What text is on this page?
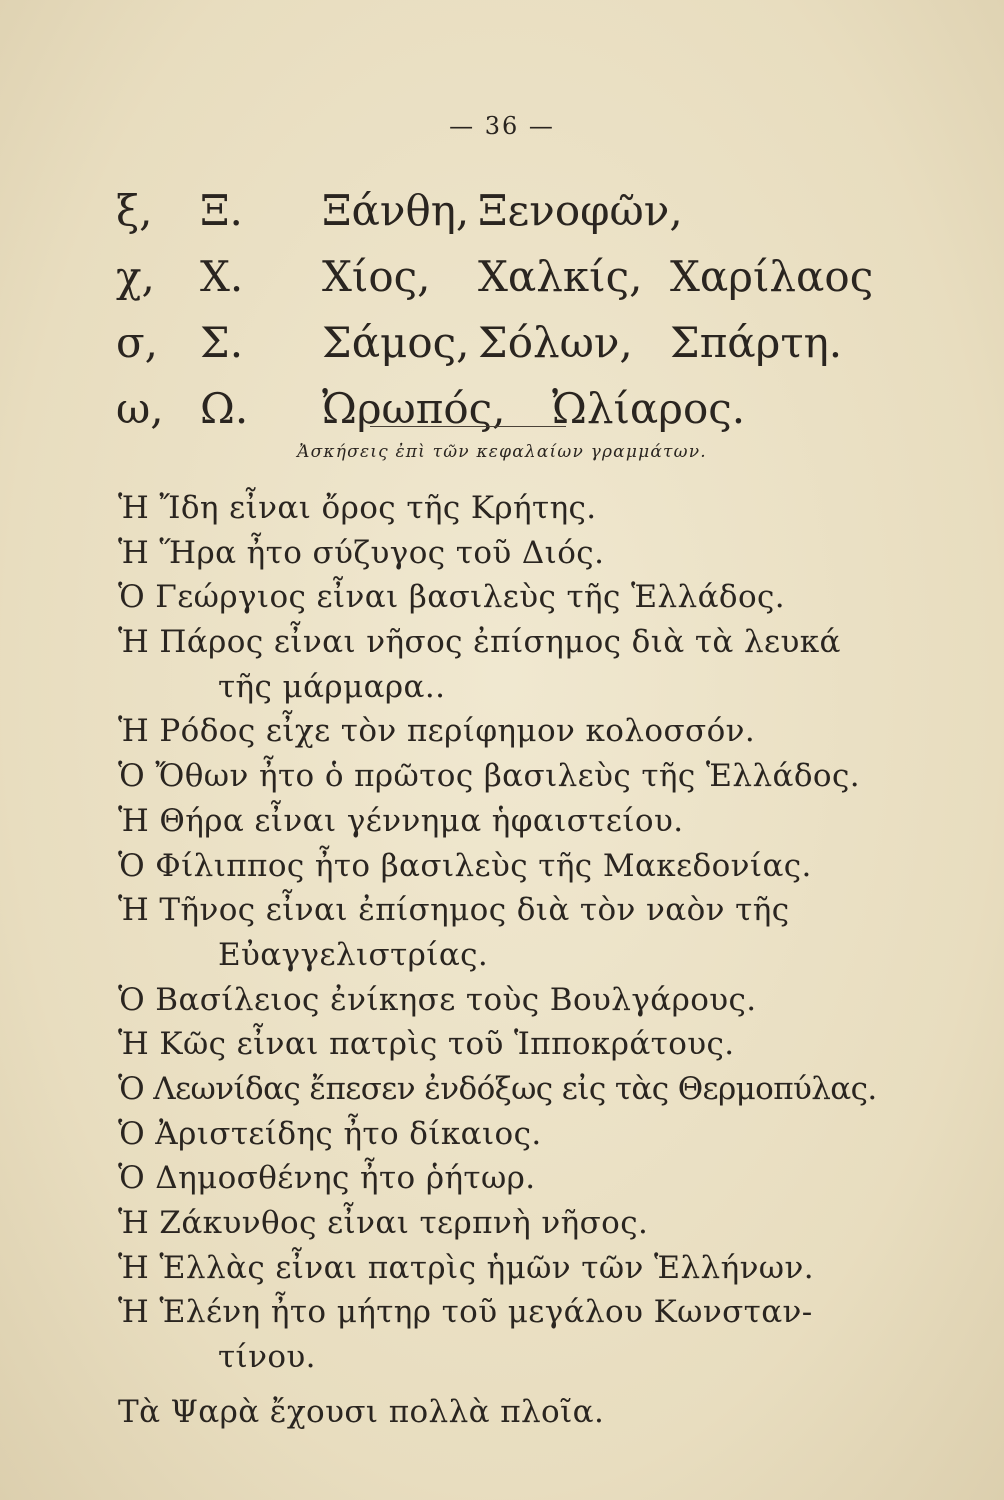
— 36 —
ξ, Ξ. Ξάνθη, Ξενοφῶν,
χ, Χ. Χίος, Χαλκίς, Χαρίλαος
σ, Σ. Σάμος, Σόλων, Σπάρτη.
ω, Ω. Ὠρωπός, Ὠλίαρος.
Ἀσκήσεις ἐπὶ τῶν κεφαλαίων γραμμάτων.
Ἡ Ἴδη εἶναι ὄρος τῆς Κρήτης.
Ἡ Ἥρα ἦτο σύζυγος τοῦ Διός.
Ὁ Γεώργιος εἶναι βασιλεὺς τῆς Ἑλλάδος.
Ἡ Πάρος εἶναι νῆσος ἐπίσημος διὰ τὰ λευκά
τῆς μάρμαρα..
Ἡ Ρόδος εἶχε τὸν περίφημον κολοσσόν.
Ὁ Ὄθων ἦτο ὁ πρῶτος βασιλεὺς τῆς Ἑλλάδος.
Ἡ Θήρα εἶναι γέννημα ἡφαιστείου.
Ὁ Φίλιππος ἦτο βασιλεὺς τῆς Μακεδονίας.
Ἡ Τῆνος εἶναι ἐπίσημος διὰ τὸν ναὸν τῆς
Εὐαγγελιστρίας.
Ὁ Βασίλειος ἐνίκησε τοὺς Βουλγάρους.
Ἡ Κῶς εἶναι πατρὶς τοῦ Ἱπποκράτους.
Ὁ Λεωνίδας ἔπεσεν ἐνδόξως εἰς τὰς Θερμοπύλας.
Ὁ Ἀριστείδης ἦτο δίκαιος.
Ὁ Δημοσθένης ἦτο ῥήτωρ.
Ἡ Ζάκυνθος εἶναι τερπνὴ νῆσος.
Ἡ Ἑλλὰς εἶναι πατρὶς ἡμῶν τῶν Ἑλλήνων.
Ἡ Ἑλένη ἦτο μήτηρ τοῦ μεγάλου Κωνσταν-
τίνου.
Τὰ Ψαρὰ ἔχουσι πολλὰ πλοῖα.
